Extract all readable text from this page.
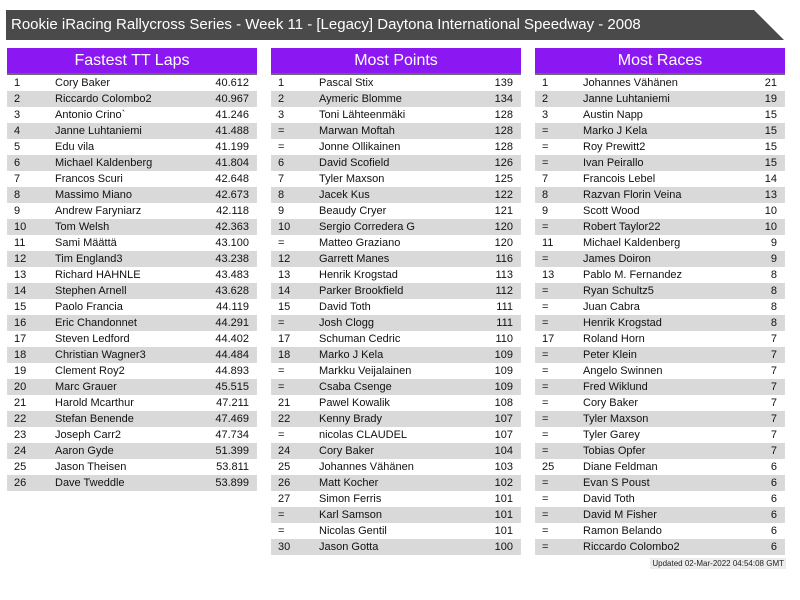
Rookie iRacing Rallycross Series - Week 11 - [Legacy] Daytona International Speedway - 2008
Fastest TT Laps
1	Cory Baker	40.612
2	Riccardo Colombo2	40.967
3	Antonio Crino`	41.246
4	Janne Luhtaniemi	41.488
5	Edu vila	41.199
6	Michael Kaldenberg	41.804
7	Francos Scuri	42.648
8	Massimo Miano	42.673
9	Andrew Faryniarz	42.118
10	Tom Welsh	42.363
11	Sami Määttä	43.100
12	Tim England3	43.238
13	Richard HAHNLE	43.483
14	Stephen Arnell	43.628
15	Paolo Francia	44.119
16	Eric Chandonnet	44.291
17	Steven Ledford	44.402
18	Christian Wagner3	44.484
19	Clement Roy2	44.893
20	Marc Grauer	45.515
21	Harold Mcarthur	47.211
22	Stefan Benende	47.469
23	Joseph Carr2	47.734
24	Aaron Gyde	51.399
25	Jason Theisen	53.811
26	Dave Tweddle	53.899
Most Points
1	Pascal Stix	139
2	Aymeric Blomme	134
3	Toni Lähteenmäki	128
=	Marwan Moftah	128
=	Jonne Ollikainen	128
6	David Scofield	126
7	Tyler Maxson	125
8	Jacek Kus	122
9	Beaudy Cryer	121
10	Sergio Corredera G	120
=	Matteo Graziano	120
12	Garrett Manes	116
13	Henrik Krogstad	113
14	Parker Brookfield	112
15	David Toth	111
=	Josh Clogg	111
17	Schuman Cedric	110
18	Marko J Kela	109
=	Markku Veijalainen	109
=	Csaba Csenge	109
21	Pawel Kowalik	108
22	Kenny Brady	107
=	nicolas CLAUDEL	107
24	Cory Baker	104
25	Johannes Vähänen	103
26	Matt Kocher	102
27	Simon Ferris	101
=	Karl Samson	101
=	Nicolas Gentil	101
30	Jason Gotta	100
Most Races
1	Johannes Vähänen	21
2	Janne Luhtaniemi	19
3	Austin Napp	15
=	Marko J Kela	15
=	Roy Prewitt2	15
=	Ivan Peirallo	15
7	Francois Lebel	14
8	Razvan Florin Veina	13
9	Scott Wood	10
=	Robert Taylor22	10
11	Michael Kaldenberg	9
=	James Doiron	9
13	Pablo M. Fernandez	8
=	Ryan Schultz5	8
=	Juan Cabra	8
=	Henrik Krogstad	8
17	Roland Horn	7
=	Peter Klein	7
=	Angelo Swinnen	7
=	Fred Wiklund	7
=	Cory Baker	7
=	Tyler Maxson	7
=	Tyler Garey	7
=	Tobias Opfer	7
25	Diane Feldman	6
=	Evan S Poust	6
=	David Toth	6
=	David M Fisher	6
=	Ramon Belando	6
=	Riccardo Colombo2	6
Updated 02-Mar-2022 04:54:08 GMT
